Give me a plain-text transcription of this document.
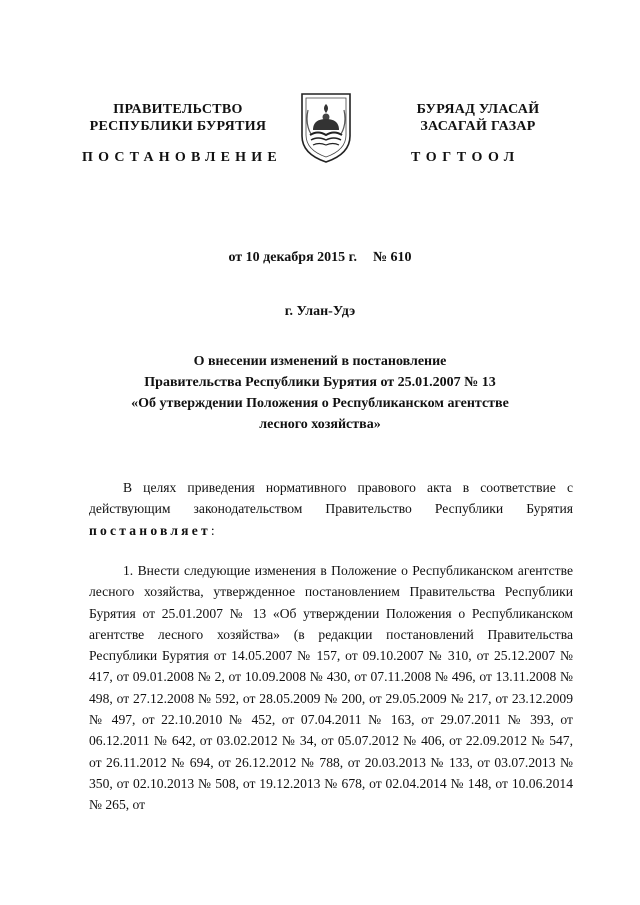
ПРАВИТЕЛЬСТВО
РЕСПУБЛИКИ БУРЯТИЯ
БУРЯАД УЛАСАЙ
ЗАСАГАЙ ГАЗАР
ПОСТАНОВЛЕНИЕ	ТОГТООЛ
от 10 декабря 2015 г. № 610
г. Улан-Удэ
О внесении изменений в постановление
Правительства Республики Бурятия от 25.01.2007 № 13
«Об утверждении Положения о Республиканском агентстве
лесного хозяйства»
В целях приведения нормативного правового акта в соответствие с действующим законодательством Правительство Республики Бурятия постановляет:
1. Внести следующие изменения в Положение о Республиканском агентстве лесного хозяйства, утвержденное постановлением Правительства Республики Бурятия от 25.01.2007 № 13 «Об утверждении Положения о Республиканском агентстве лесного хозяйства» (в редакции постановлений Правительства Республики Бурятия от 14.05.2007 № 157, от 09.10.2007 № 310, от 25.12.2007 № 417, от 09.01.2008 № 2, от 10.09.2008 № 430, от 07.11.2008 № 496, от 13.11.2008 № 498, от 27.12.2008 № 592, от 28.05.2009 № 200, от 29.05.2009 № 217, от 23.12.2009 № 497, от 22.10.2010 № 452, от 07.04.2011 № 163, от 29.07.2011 № 393, от 06.12.2011 № 642, от 03.02.2012 № 34, от 05.07.2012 № 406, от 22.09.2012 № 547, от 26.11.2012 № 694, от 26.12.2012 № 788, от 20.03.2013 № 133, от 03.07.2013 № 350, от 02.10.2013 № 508, от 19.12.2013 № 678, от 02.04.2014 № 148, от 10.06.2014 № 265, от
